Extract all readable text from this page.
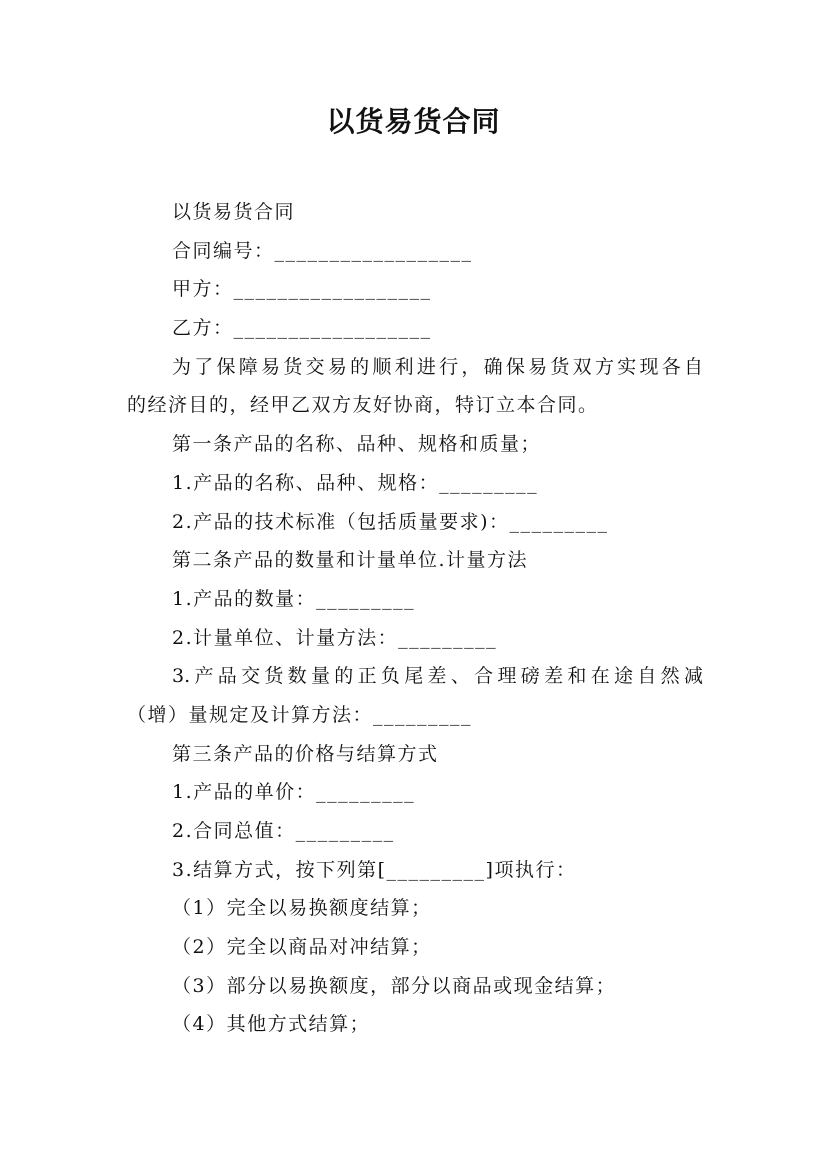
以货易货合同
以货易货合同
合同编号：__________________
甲方：__________________
乙方：__________________
为了保障易货交易的顺利进行，确保易货双方实现各自
的经济目的，经甲乙双方友好协商，特订立本合同。
第一条产品的名称、品种、规格和质量；
1.产品的名称、品种、规格：_________
2.产品的技术标准（包括质量要求)：_________
第二条产品的数量和计量单位.计量方法
1.产品的数量：_________
2.计量单位、计量方法：_________
3.产品交货数量的正负尾差、合理磅差和在途自然减
（增）量规定及计算方法：_________
第三条产品的价格与结算方式
1.产品的单价：_________
2.合同总值：_________
3.结算方式，按下列第[_________]项执行：
（1）完全以易换额度结算；
（2）完全以商品对冲结算；
（3）部分以易换额度，部分以商品或现金结算；
（4）其他方式结算；
